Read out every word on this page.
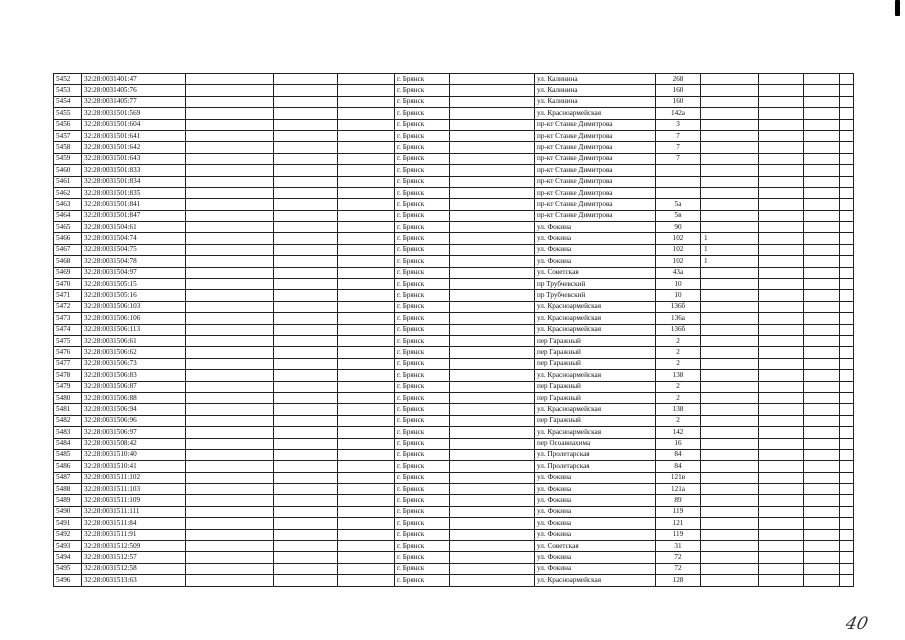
5452	32:28:0031401:47				г. Брянск		ул. Калинина	268				
5453	32:28:0031405:76				г. Брянск		ул. Калинина	160				
5454	32:28:0031405:77				г. Брянск		ул. Калинина	160				
5455	32:28:0031501:569				г. Брянск		ул. Красноармейская	142а				
5456	32:28:0031501:604				г. Брянск		пр-кт Станке Димитрова	3				
5457	32:28:0031501:641				г. Брянск		пр-кт Станке Димитрова	7				
5458	32:28:0031501:642				г. Брянск		пр-кт Станке Димитрова	7				
5459	32:28:0031501:643				г. Брянск		пр-кт Станке Димитрова	7				
5460	32:28:0031501:833				г. Брянск		пр-кт Станке Димитрова					
5461	32:28:0031501:834				г. Брянск		пр-кт Станке Димитрова					
5462	32:28:0031501:835				г. Брянск		пр-кт Станке Димитрова					
5463	32:28:0031501:841				г. Брянск		пр-кт Станке Димитрова	5а				
5464	32:28:0031501:847				г. Брянск		пр-кт Станке Димитрова	5в				
5465	32:28:0031504:61				г. Брянск		ул. Фокина	90				
5466	32:28:0031504:74				г. Брянск		ул. Фокина	102	1			
5467	32:28:0031504:75				г. Брянск		ул. Фокина	102	1			
5468	32:28:0031504:78				г. Брянск		ул. Фокина	102	1			
5469	32:28:0031504:97				г. Брянск		ул. Советская	43а				
5470	32:28:0031505:15				г. Брянск		пр Трубчевский	10				
5471	32:28:0031505:16				г. Брянск		пр Трубчевский	10				
5472	32:28:0031506:103				г. Брянск		ул. Красноармейская	136б				
5473	32:28:0031506:106				г. Брянск		ул. Красноармейская	136а				
5474	32:28:0031506:113				г. Брянск		ул. Красноармейская	136б				
5475	32:28:0031506:61				г. Брянск		пер Гаражный	2				
5476	32:28:0031506:62				г. Брянск		пер Гаражный	2				
5477	32:28:0031506:73				г. Брянск		пер Гаражный	2				
5478	32:28:0031506:83				г. Брянск		ул. Красноармейская	138				
5479	32:28:0031506:87				г. Брянск		пер Гаражный	2				
5480	32:28:0031506:88				г. Брянск		пер Гаражный	2				
5481	32:28:0031506:94				г. Брянск		ул. Красноармейская	138				
5482	32:28:0031506:96				г. Брянск		пер Гаражный	2				
5483	32:28:0031506:97				г. Брянск		ул. Красноармейская	142				
5484	32:28:0031508:42				г. Брянск		пер Осоавиахима	16				
5485	32:28:0031510:40				г. Брянск		ул. Пролетарская	84				
5486	32:28:0031510:41				г. Брянск		ул. Пролетарская	84				
5487	32:28:0031511:102				г. Брянск		ул. Фокина	121в				
5488	32:28:0031511:103				г. Брянск		ул. Фокина	121а				
5489	32:28:0031511:109				г. Брянск		ул. Фокина	89				
5490	32:28:0031511:111				г. Брянск		ул. Фокина	119				
5491	32:28:0031511:84				г. Брянск		ул. Фокина	121				
5492	32:28:0031511:91				г. Брянск		ул. Фокина	119				
5493	32:28:0031512:509				г. Брянск		ул. Советская	31				
5494	32:28:0031512:57				г. Брянск		ул. Фокина	72				
5495	32:28:0031512:58				г. Брянск		ул. Фокина	72				
5496	32:28:0031513:63				г. Брянск		ул. Красноармейская	128				
40
